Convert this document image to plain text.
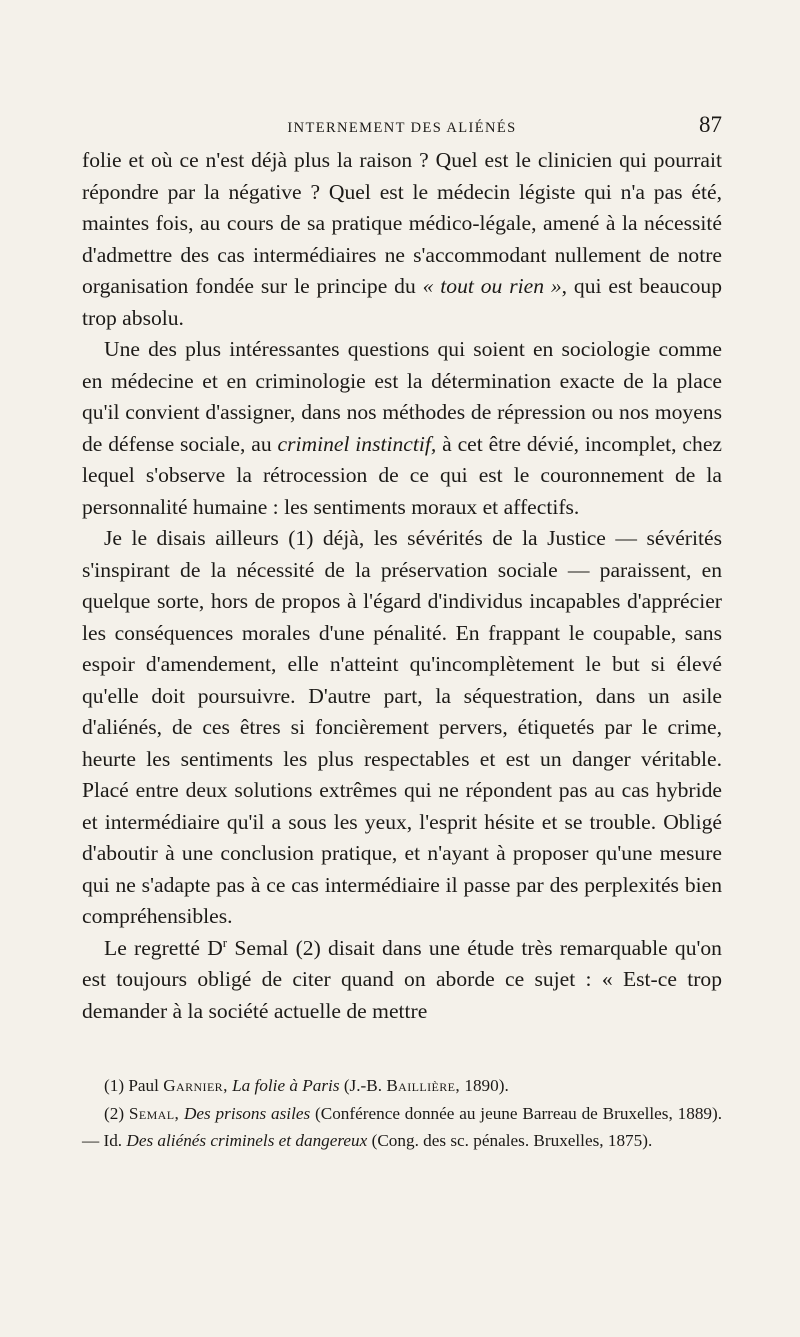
INTERNEMENT DES ALIÉNÉS	87

folie et où ce n'est déjà plus la raison ? Quel est le clinicien qui pourrait répondre par la négative ? Quel est le médecin légiste qui n'a pas été, maintes fois, au cours de sa pratique médico-légale, amené à la nécessité d'admettre des cas intermédiaires ne s'accommodant nullement de notre organisation fondée sur le principe du « tout ou rien », qui est beaucoup trop absolu.

Une des plus intéressantes questions qui soient en sociologie comme en médecine et en criminologie est la détermination exacte de la place qu'il convient d'assigner, dans nos méthodes de répression ou nos moyens de défense sociale, au criminel instinctif, à cet être dévié, incomplet, chez lequel s'observe la rétrocession de ce qui est le couronnement de la personnalité humaine : les sentiments moraux et affectifs.

Je le disais ailleurs (1) déjà, les sévérités de la Justice — sévérités s'inspirant de la nécessité de la préservation sociale — paraissent, en quelque sorte, hors de propos à l'égard d'individus incapables d'apprécier les conséquences morales d'une pénalité. En frappant le coupable, sans espoir d'amendement, elle n'atteint qu'incomplètement le but si élevé qu'elle doit poursuivre. D'autre part, la séquestration, dans un asile d'aliénés, de ces êtres si foncièrement pervers, étiquetés par le crime, heurte les sentiments les plus respectables et est un danger véritable. Placé entre deux solutions extrêmes qui ne répondent pas au cas hybride et intermédiaire qu'il a sous les yeux, l'esprit hésite et se trouble. Obligé d'aboutir à une conclusion pratique, et n'ayant à proposer qu'une mesure qui ne s'adapte pas à ce cas intermédiaire il passe par des perplexités bien compréhensibles.

Le regretté $D^r$ Semal (2) disait dans une étude très remarquable qu'on est toujours obligé de citer quand on aborde ce sujet : « Est-ce trop demander à la société actuelle de mettre

(1) Paul Garnier, La folie à Paris (J.-B. Baillière, 1890).

(2) Semal, Des prisons asiles (Conférence donnée au jeune Barreau de Bruxelles, 1889). — Id. Des aliénés criminels et dangereux (Cong. des sc. pénales. Bruxelles, 1875).
